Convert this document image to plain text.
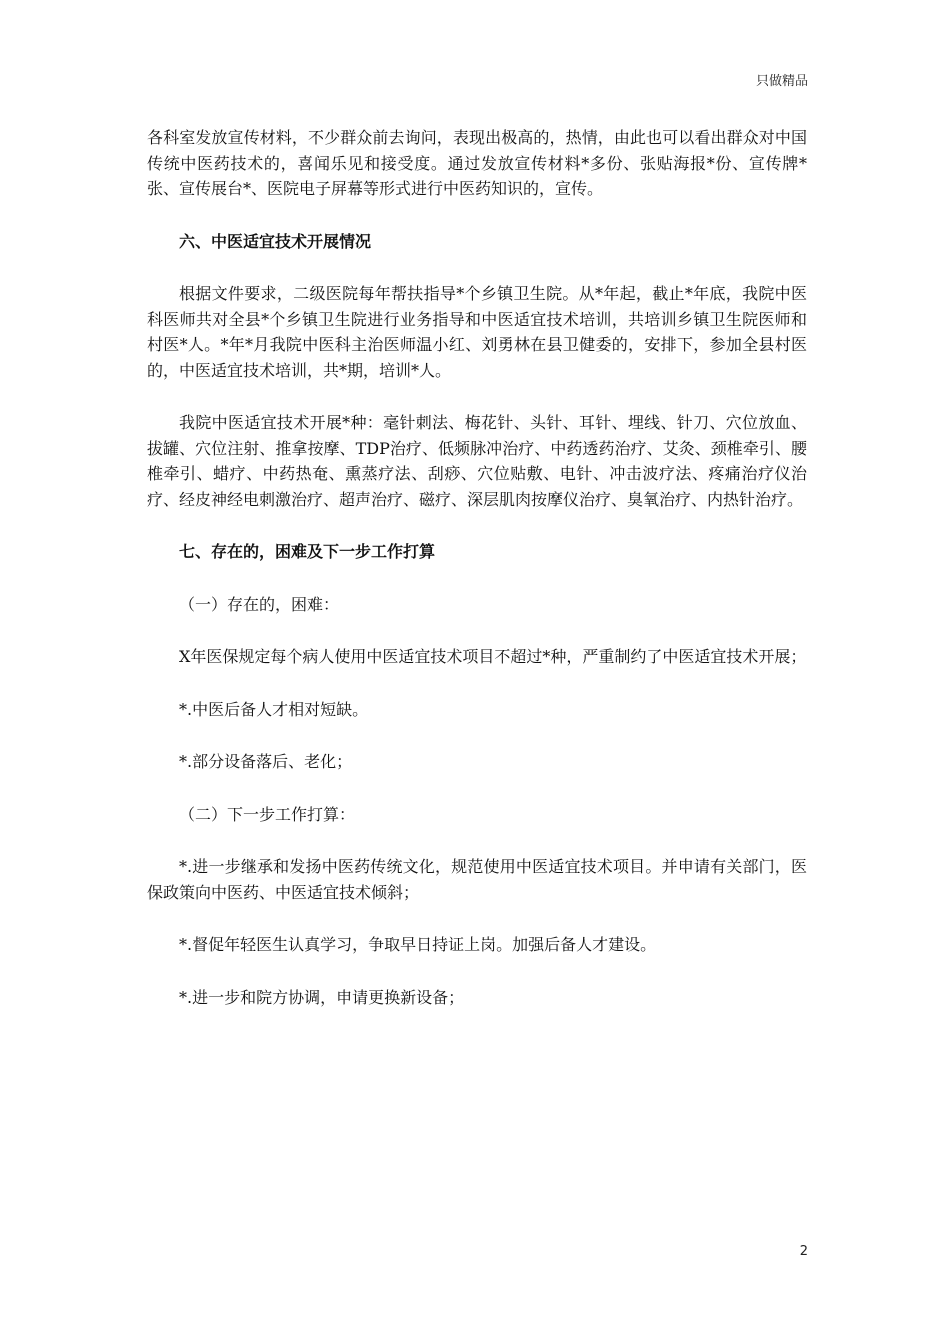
只做精品

各科室发放宣传材料，不少群众前去询问，表现出极高的，热情，由此也可以看出群众对中国传统中医药技术的，喜闻乐见和接受度。通过发放宣传材料*多份、张贴海报*份、宣传牌*张、宣传展台*、医院电子屏幕等形式进行中医药知识的，宣传。

六、中医适宜技术开展情况

根据文件要求，二级医院每年帮扶指导*个乡镇卫生院。从*年起，截止*年底，我院中医科医师共对全县*个乡镇卫生院进行业务指导和中医适宜技术培训，共培训乡镇卫生院医师和村医*人。*年*月我院中医科主治医师温小红、刘勇林在县卫健委的，安排下，参加全县村医的，中医适宜技术培训，共*期，培训*人。

我院中医适宜技术开展*种：毫针刺法、梅花针、头针、耳针、埋线、针刀、穴位放血、拔罐、穴位注射、推拿按摩、TDP治疗、低频脉冲治疗、中药透药治疗、艾灸、颈椎牵引、腰椎牵引、蜡疗、中药热奄、熏蒸疗法、刮痧、穴位贴敷、电针、冲击波疗法、疼痛治疗仪治疗、经皮神经电刺激治疗、超声治疗、磁疗、深层肌肉按摩仪治疗、臭氧治疗、内热针治疗。

七、存在的，困难及下一步工作打算

（一）存在的，困难：

X年医保规定每个病人使用中医适宜技术项目不超过*种，严重制约了中医适宜技术开展；

*.中医后备人才相对短缺。

*.部分设备落后、老化；

（二）下一步工作打算：

*.进一步继承和发扬中医药传统文化，规范使用中医适宜技术项目。并申请有关部门，医保政策向中医药、中医适宜技术倾斜；

*.督促年轻医生认真学习，争取早日持证上岗。加强后备人才建设。

*.进一步和院方协调，申请更换新设备；

2
